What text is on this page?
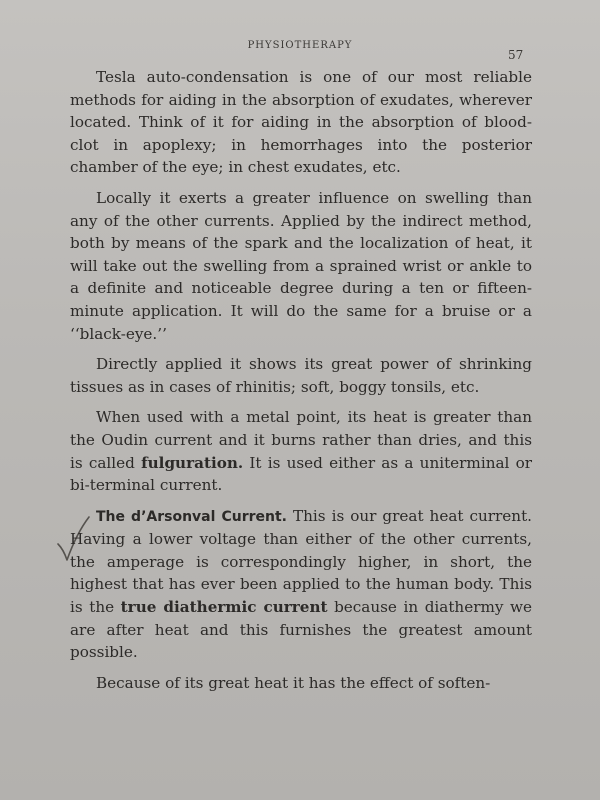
PHYSIOTHERAPY
57

Tesla auto-condensation is one of our most reliable methods for aiding in the absorption of exudates, wherever located. Think of it for aiding in the absorption of blood-clot in apoplexy; in hemorrhages into the posterior chamber of the eye; in chest exudates, etc.

Locally it exerts a greater influence on swelling than any of the other currents. Applied by the indirect method, both by means of the spark and the localization of heat, it will take out the swelling from a sprained wrist or ankle to a definite and noticeable degree during a ten or fifteen-minute application. It will do the same for a bruise or a ‘‘black-eye.’’

Directly applied it shows its great power of shrinking tissues as in cases of rhinitis; soft, boggy tonsils, etc.

When used with a metal point, its heat is greater than the Oudin current and it burns rather than dries, and this is called fulguration. It is used either as a uniterminal or bi-terminal current.

The d’Arsonval Current. This is our great heat current. Having a lower voltage than either of the other currents, the amperage is correspondingly higher, in short, the highest that has ever been applied to the human body. This is the true diathermic current because in diathermy we are after heat and this furnishes the greatest amount possible.

Because of its great heat it has the effect of soften-
